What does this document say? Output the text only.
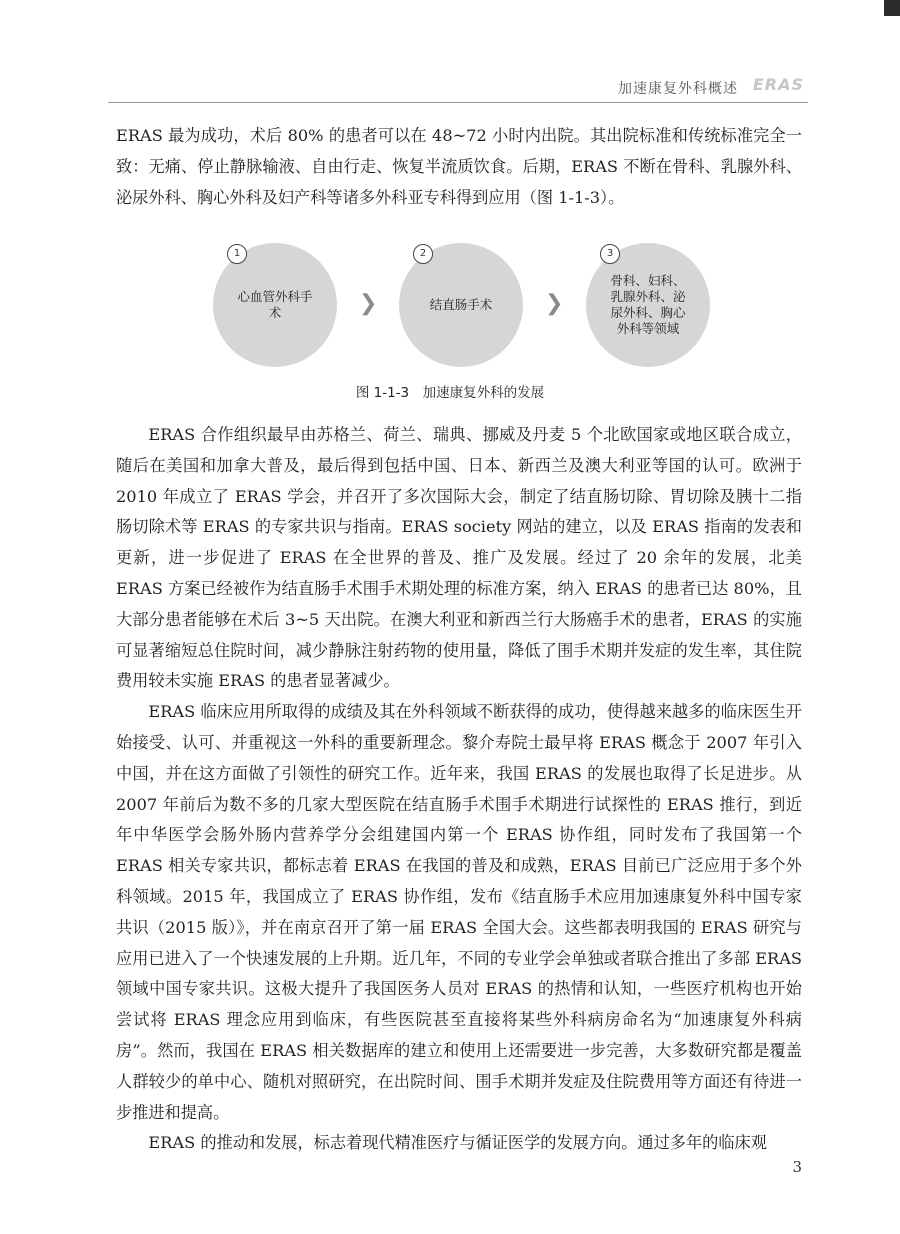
加速康复外科概述 ERAS

ERAS 最为成功，术后 80% 的患者可以在 48~72 小时内出院。其出院标准和传统标准完全一致：无痛、停止静脉输液、自由行走、恢复半流质饮食。后期，ERAS 不断在骨科、乳腺外科、泌尿外科、胸心外科及妇产科等诸多外科亚专科得到应用（图 1-1-3）。

心血管外科手术
1
❯	结直肠手术
2
❯
骨科、妇科、乳腺外科、泌尿外科、胸心外科等领域
3
图 1-1-3　加速康复外科的发展

ERAS 合作组织最早由苏格兰、荷兰、瑞典、挪威及丹麦 5 个北欧国家或地区联合成立，随后在美国和加拿大普及，最后得到包括中国、日本、新西兰及澳大利亚等国的认可。欧洲于 2010 年成立了 ERAS 学会，并召开了多次国际大会，制定了结直肠切除、胃切除及胰十二指肠切除术等 ERAS 的专家共识与指南。ERAS society 网站的建立，以及 ERAS 指南的发表和更新，进一步促进了 ERAS 在全世界的普及、推广及发展。经过了 20 余年的发展，北美 ERAS 方案已经被作为结直肠手术围手术期处理的标准方案，纳入 ERAS 的患者已达 80%，且大部分患者能够在术后 3~5 天出院。在澳大利亚和新西兰行大肠癌手术的患者，ERAS 的实施可显著缩短总住院时间，减少静脉注射药物的使用量，降低了围手术期并发症的发生率，其住院费用较未实施 ERAS 的患者显著减少。

ERAS 临床应用所取得的成绩及其在外科领域不断获得的成功，使得越来越多的临床医生开始接受、认可、并重视这一外科的重要新理念。黎介寿院士最早将 ERAS 概念于 2007 年引入中国，并在这方面做了引领性的研究工作。近年来，我国 ERAS 的发展也取得了长足进步。从 2007 年前后为数不多的几家大型医院在结直肠手术围手术期进行试探性的 ERAS 推行，到近年中华医学会肠外肠内营养学分会组建国内第一个 ERAS 协作组，同时发布了我国第一个 ERAS 相关专家共识，都标志着 ERAS 在我国的普及和成熟，ERAS 目前已广泛应用于多个外科领域。2015 年，我国成立了 ERAS 协作组，发布《结直肠手术应用加速康复外科中国专家共识（2015 版）》，并在南京召开了第一届 ERAS 全国大会。这些都表明我国的 ERAS 研究与应用已进入了一个快速发展的上升期。近几年，不同的专业学会单独或者联合推出了多部 ERAS 领域中国专家共识。这极大提升了我国医务人员对 ERAS 的热情和认知，一些医疗机构也开始尝试将 ERAS 理念应用到临床，有些医院甚至直接将某些外科病房命名为“加速康复外科病房”。然而，我国在 ERAS 相关数据库的建立和使用上还需要进一步完善，大多数研究都是覆盖人群较少的单中心、随机对照研究，在出院时间、围手术期并发症及住院费用等方面还有待进一步推进和提高。

ERAS 的推动和发展，标志着现代精准医疗与循证医学的发展方向。通过多年的临床观

3
